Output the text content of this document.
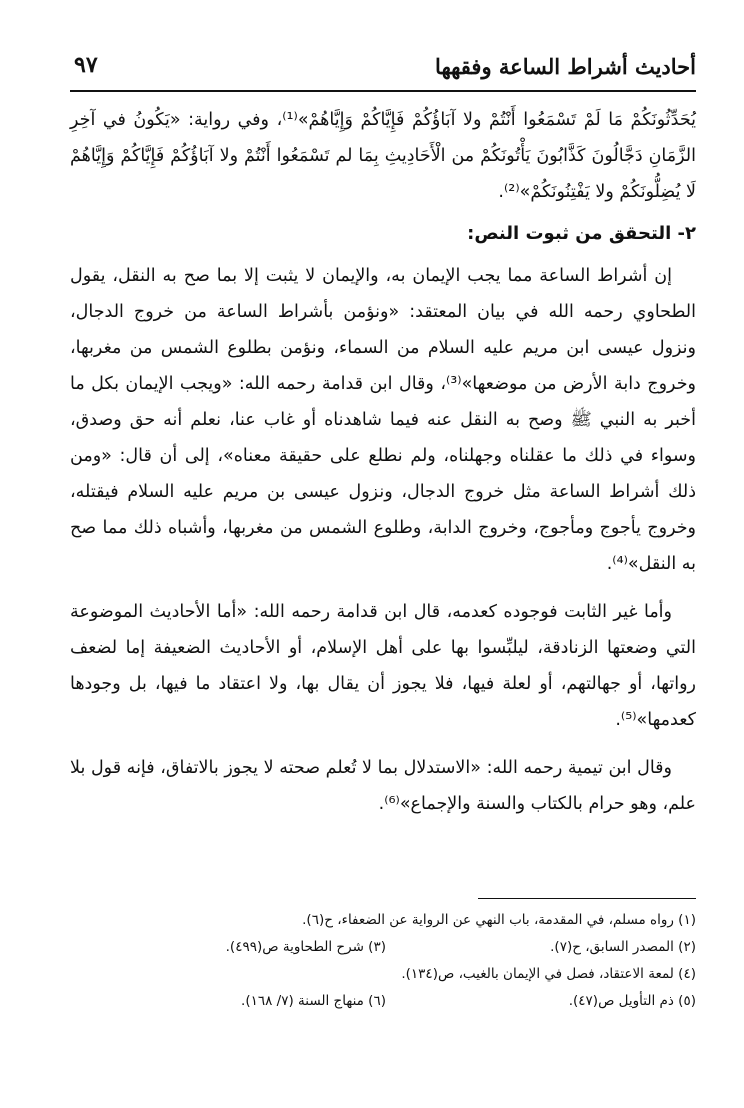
أحاديث أشراط الساعة وفقهها
٩٧

يُحَدِّثُونَكُمْ مَا لَمْ تَسْمَعُوا أَنْتُمْ ولا آبَاؤُكُمْ فَإِيَّاكُمْ وَإِيَّاهُمْ»⁽¹⁾، وفي رواية: «يَكُونُ في آخِرِ الزَّمَانِ دَجَّالُونَ كَذَّابُونَ يَأْتُونَكُمْ من الْأَحَادِيثِ بِمَا لم تَسْمَعُوا أَنْتُمْ ولا آبَاؤُكُمْ فَإِيَّاكُمْ وَإِيَّاهُمْ لَا يُضِلُّونَكُمْ ولا يَفْتِنُونَكُمْ»⁽²⁾.

٢- التحقق من ثبوت النص:

إن أشراط الساعة مما يجب الإيمان به، والإيمان لا يثبت إلا بما صح به النقل، يقول الطحاوي رحمه الله في بيان المعتقد: «ونؤمن بأشراط الساعة من خروج الدجال، ونزول عيسى ابن مريم عليه السلام من السماء، ونؤمن بطلوع الشمس من مغربها، وخروج دابة الأرض من موضعها»⁽³⁾، وقال ابن قدامة رحمه الله: «ويجب الإيمان بكل ما أخبر به النبي ﷺ وصح به النقل عنه فيما شاهدناه أو غاب عنا، نعلم أنه حق وصدق، وسواء في ذلك ما عقلناه وجهلناه، ولم نطلع على حقيقة معناه»، إلى أن قال: «ومن ذلك أشراط الساعة مثل خروج الدجال، ونزول عيسى بن مريم عليه السلام فيقتله، وخروج يأجوج ومأجوج، وخروج الدابة، وطلوع الشمس من مغربها، وأشباه ذلك مما صح به النقل»⁽⁴⁾.

وأما غير الثابت فوجوده كعدمه، قال ابن قدامة رحمه الله: «أما الأحاديث الموضوعة التي وضعتها الزنادقة، ليلبِّسوا بها على أهل الإسلام، أو الأحاديث الضعيفة إما لضعف رواتها، أو جهالتهم، أو لعلة فيها، فلا يجوز أن يقال بها، ولا اعتقاد ما فيها، بل وجودها كعدمها»⁽⁵⁾.

وقال ابن تيمية رحمه الله: «الاستدلال بما لا تُعلم صحته لا يجوز بالاتفاق، فإنه قول بلا علم، وهو حرام بالكتاب والسنة والإجماع»⁽⁶⁾.

(١) رواه مسلم، في المقدمة، باب النهي عن الرواية عن الضعفاء، ح(٦).
(٢) المصدر السابق، ح(٧).
(٣) شرح الطحاوية ص(٤٩٩).
(٤) لمعة الاعتقاد، فصل في الإيمان بالغيب، ص(١٣٤).
(٥) ذم التأويل ص(٤٧).
(٦) منهاج السنة (٧/ ١٦٨).
